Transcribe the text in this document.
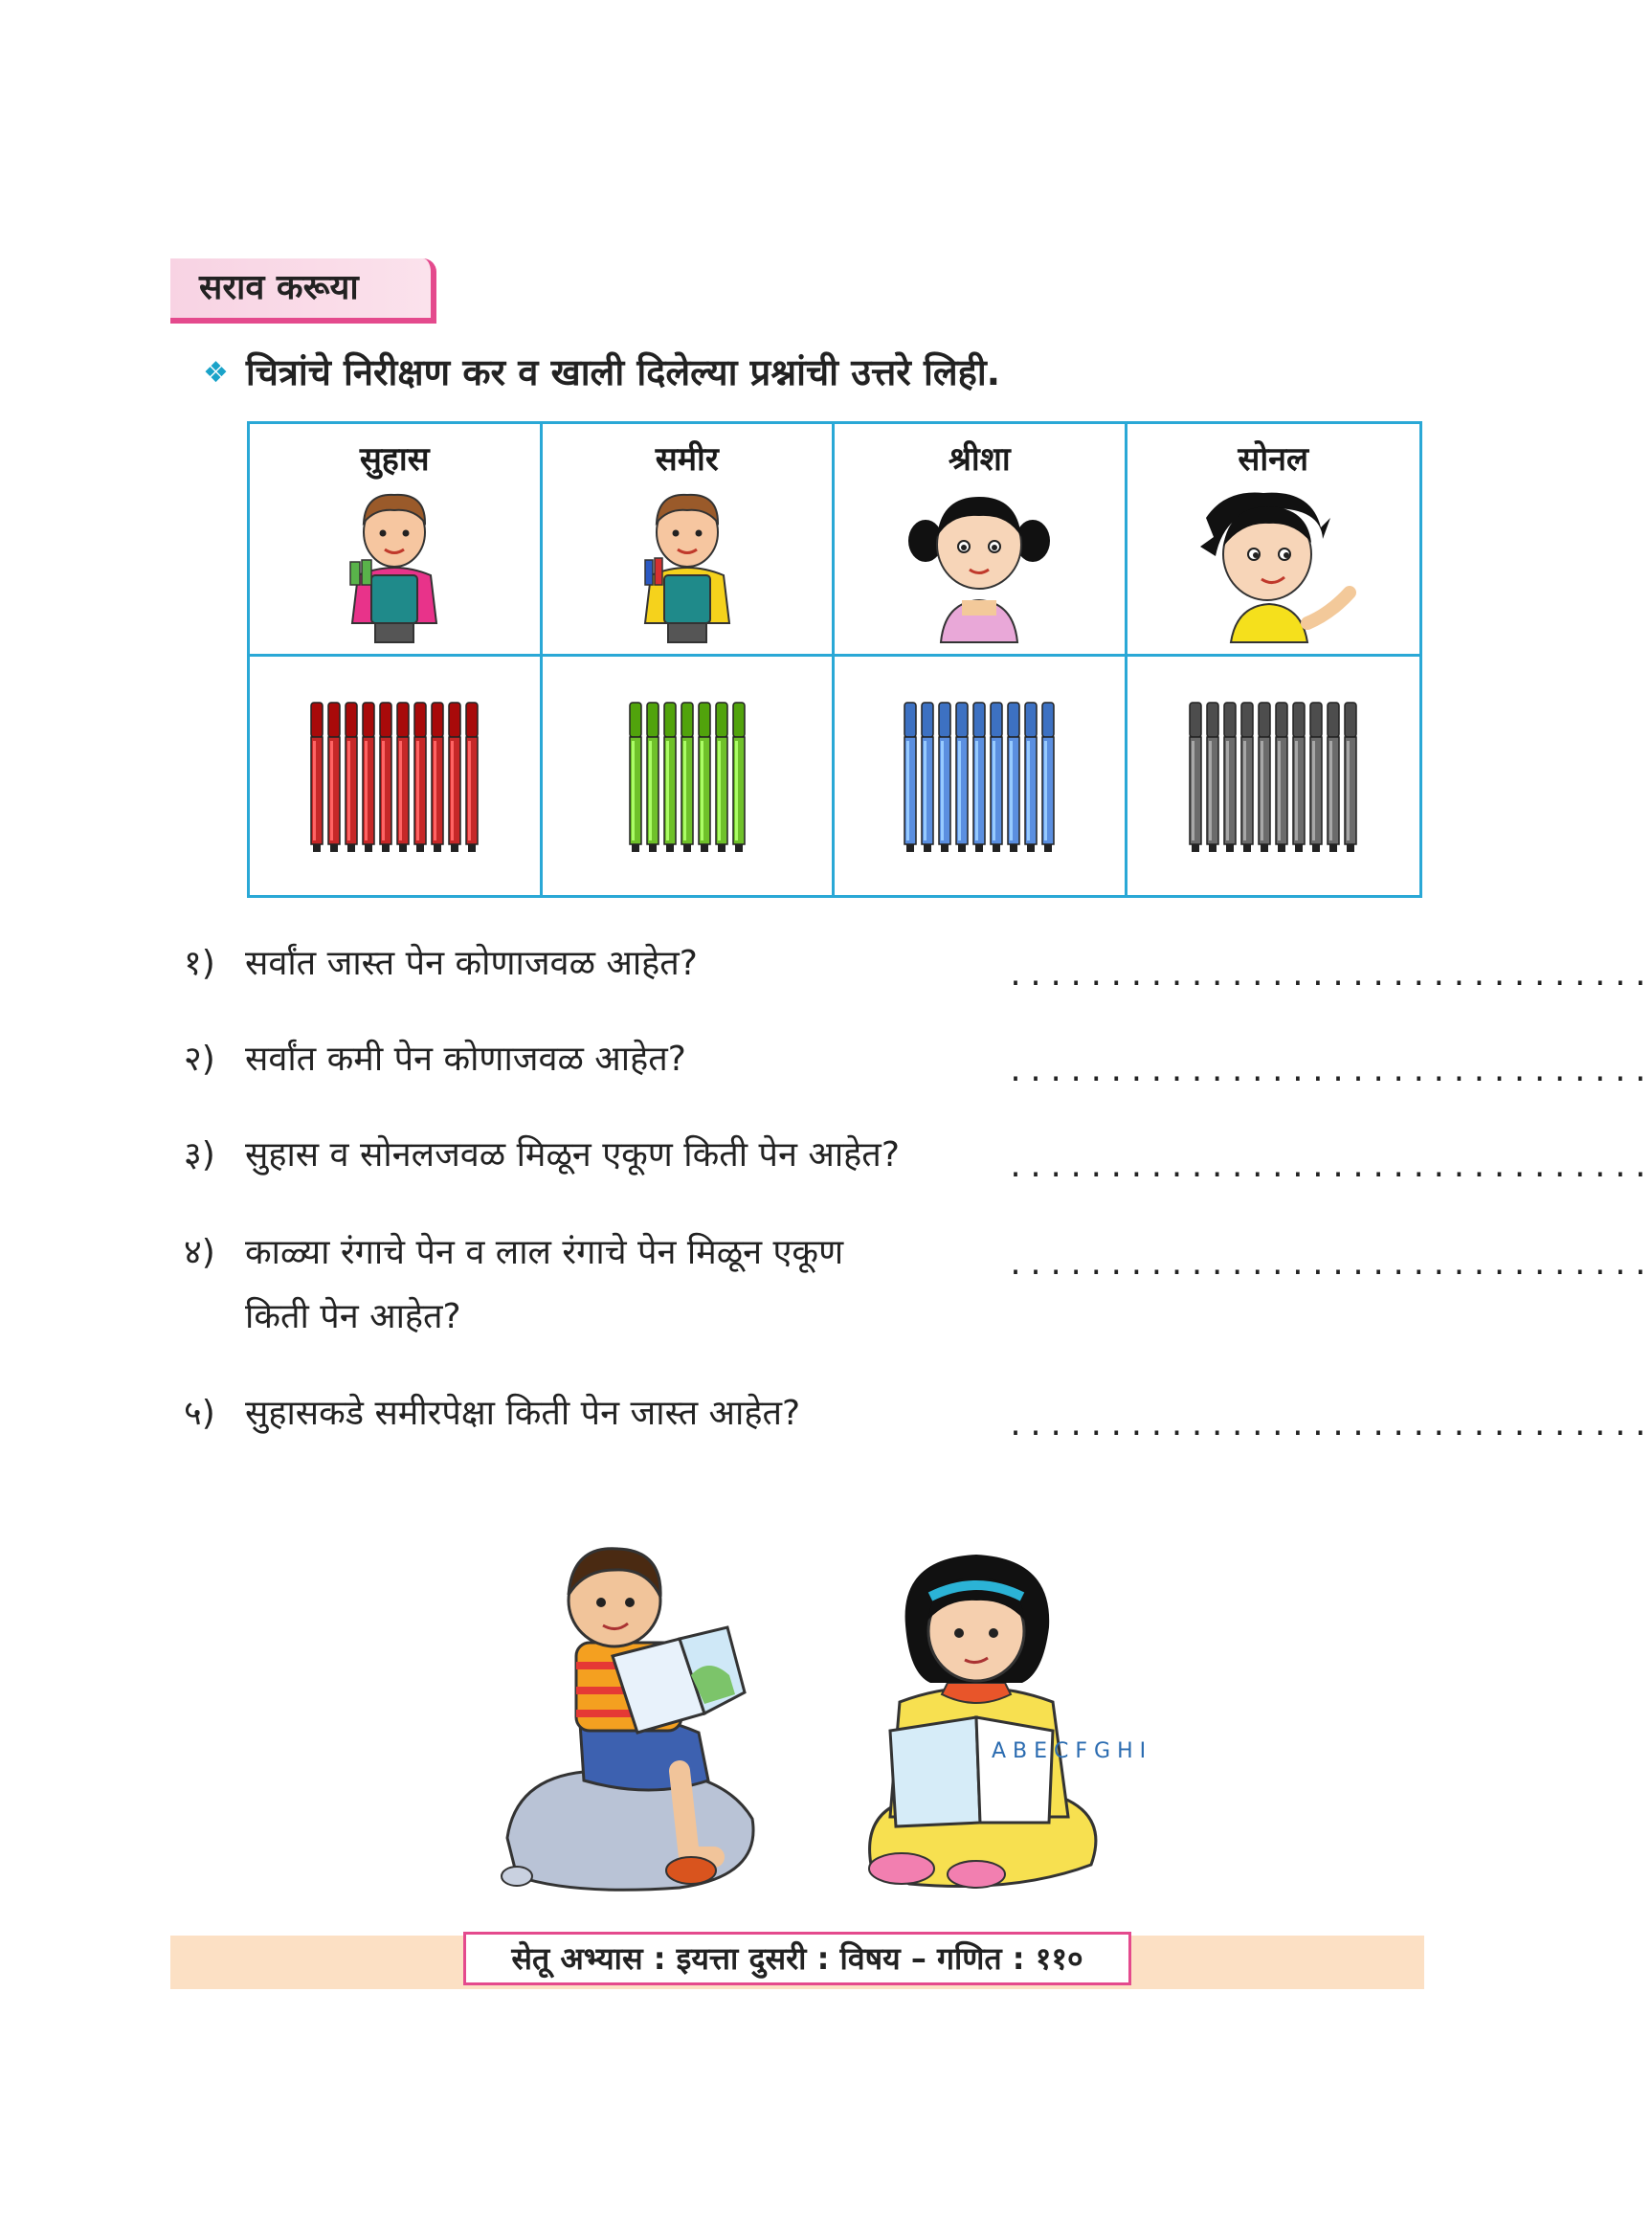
सराव करूया
❖ चित्रांचे निरीक्षण कर व खाली दिलेल्या प्रश्नांची उत्तरे लिही.
सुहास	समीर	श्रीशा	सोनल
१) सर्वांत जास्त पेन कोणाजवळ आहेत?	................................
२) सर्वांत कमी पेन कोणाजवळ आहेत?	................................
३) सुहास व सोनलजवळ मिळून एकूण किती पेन आहेत?	................................
४) काळ्या रंगाचे पेन व लाल रंगाचे पेन मिळून एकूण
किती पेन आहेत?
................................
५) सुहासकडे समीरपेक्षा किती पेन जास्त आहेत?	................................
A B E C F G H I
सेतू अभ्यास : इयत्ता दुसरी : विषय – गणित : ११०
